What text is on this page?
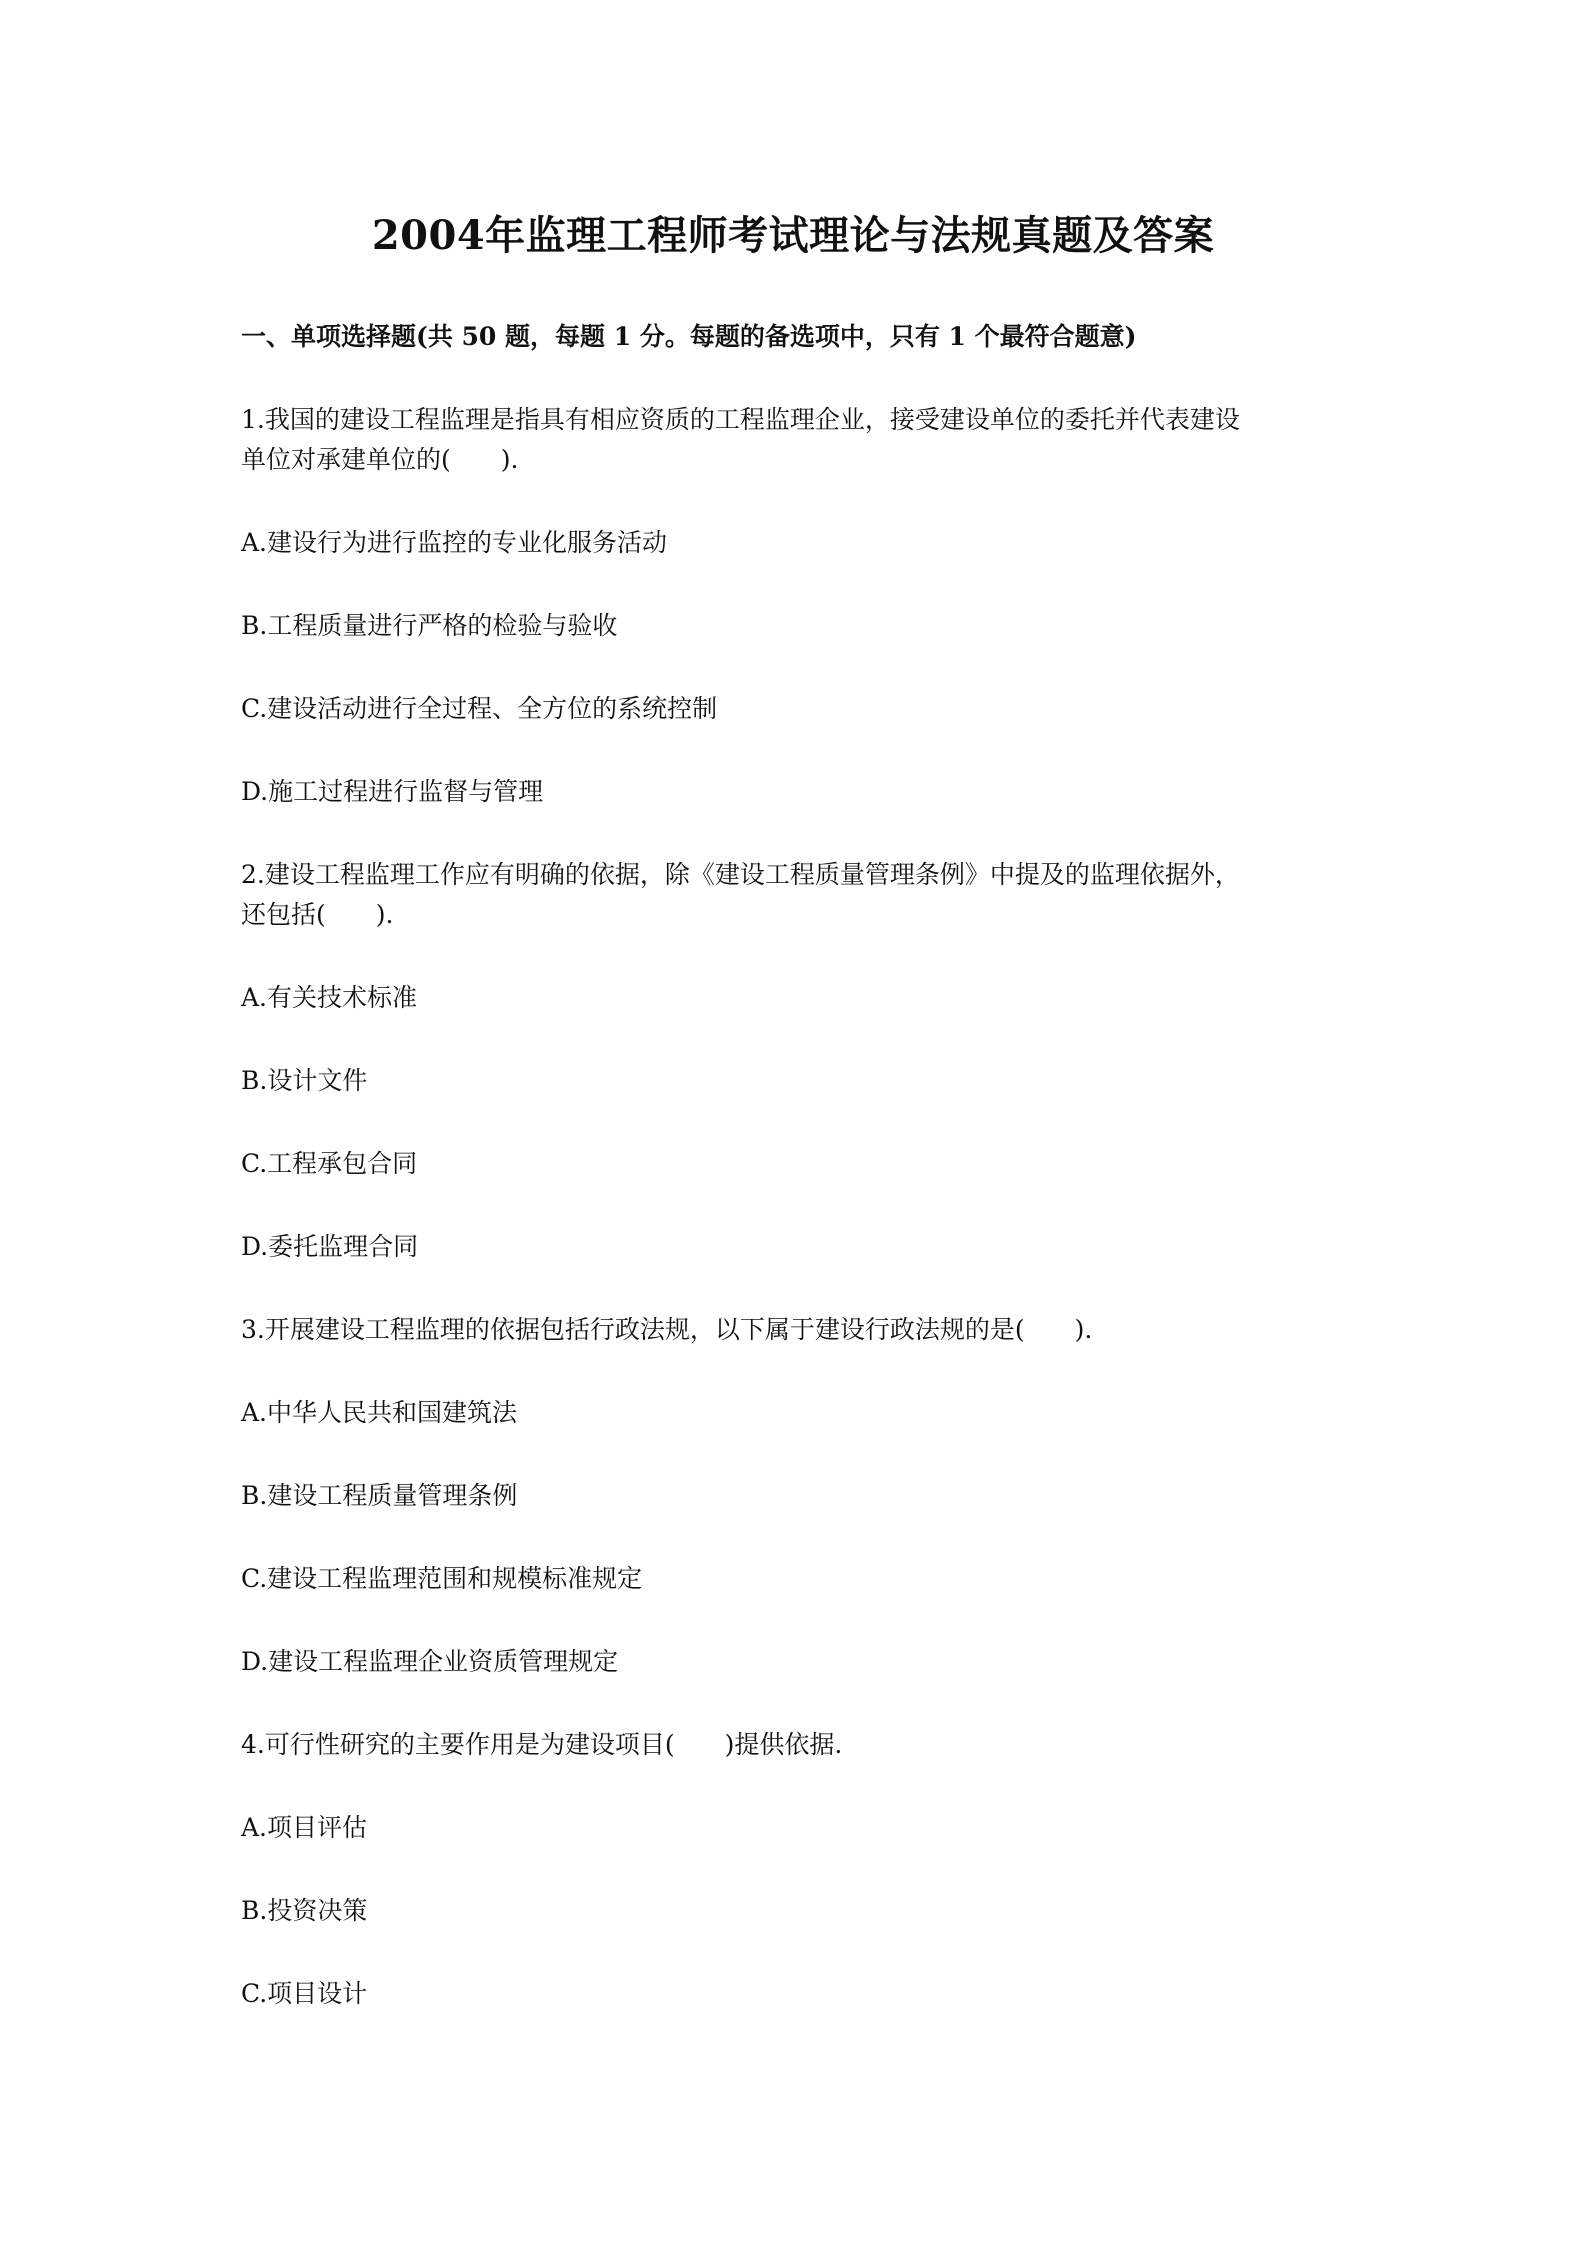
2004年监理工程师考试理论与法规真题及答案
一、单项选择题(共 50 题，每题 1 分。每题的备选项中，只有 1 个最符合题意)
1.我国的建设工程监理是指具有相应资质的工程监理企业，接受建设单位的委托并代表建设
单位对承建单位的(　　).
A.建设行为进行监控的专业化服务活动
B.工程质量进行严格的检验与验收
C.建设活动进行全过程、全方位的系统控制
D.施工过程进行监督与管理
2.建设工程监理工作应有明确的依据，除《建设工程质量管理条例》中提及的监理依据外，
还包括(　　).
A.有关技术标准
B.设计文件
C.工程承包合同
D.委托监理合同
3.开展建设工程监理的依据包括行政法规，以下属于建设行政法规的是(　　).
A.中华人民共和国建筑法
B.建设工程质量管理条例
C.建设工程监理范围和规模标准规定
D.建设工程监理企业资质管理规定
4.可行性研究的主要作用是为建设项目(　　)提供依据.
A.项目评估
B.投资决策
C.项目设计
